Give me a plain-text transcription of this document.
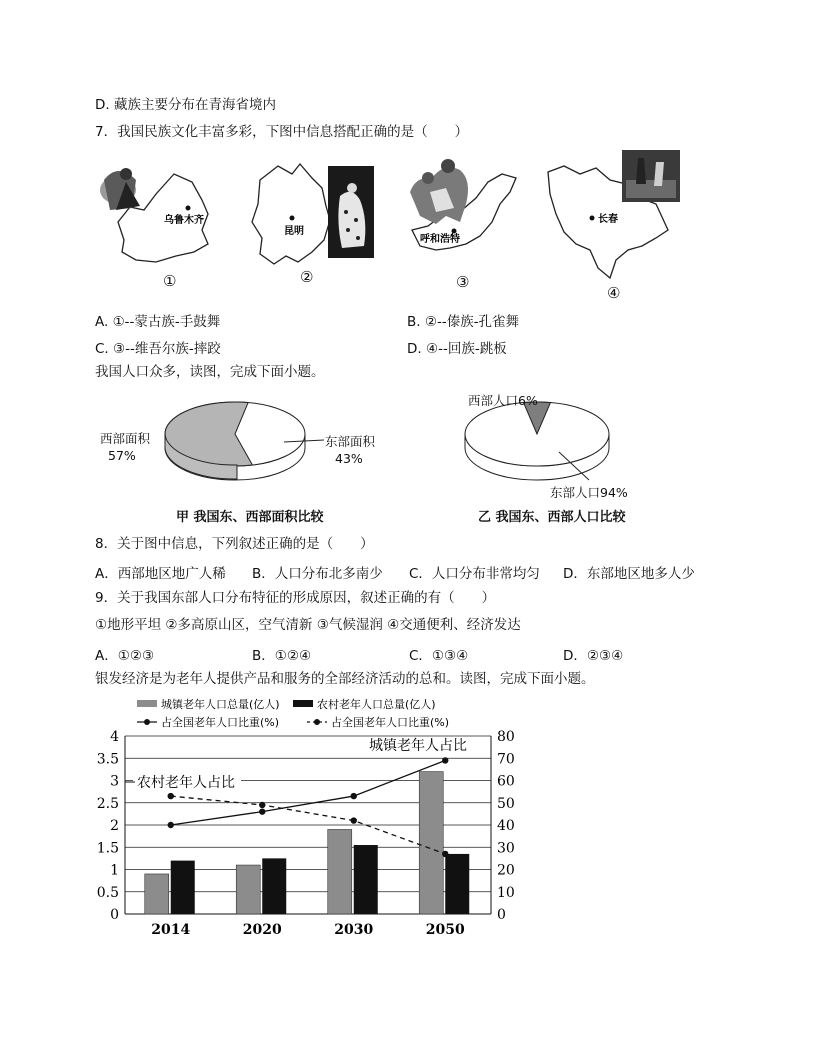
D. 藏族主要分布在青海省境内
7．我国民族文化丰富多彩，下图中信息搭配正确的是（　　）
乌鲁木齐
①
昆明
②
呼和浩特
③
长春
④
A. ①--蒙古族-手鼓舞	B. ②--傣族-孔雀舞
C. ③--维吾尔族-摔跤	D. ④--回族-跳板
我国人口众多，读图，完成下面小题。
西部面积
57%
东部面积
43%
甲 我国东、西部面积比较
西部人口6%
东部人口94%
乙 我国东、西部人口比较
8．关于图中信息，下列叙述正确的是（　　）
A．西部地区地广人稀 B．人口分布北多南少 C．人口分布非常均匀 D．东部地区地多人少
9．关于我国东部人口分布特征的形成原因，叙述正确的有（　　）
①地形平坦 ②多高原山区，空气清新 ③气候湿润 ④交通便利、经济发达
A．①②③	B．①②④	C．①③④	D．②③④
银发经济是为老年人提供产品和服务的全部经济活动的总和。读图，完成下面小题。
城镇老年人口总量(亿人)	农村老年人口总量(亿人)
占全国老年人口比重(%)	占全国老年人口比重(%)
0
0.5
1
1.5
2
2.5
3
3.5
4
0
10
20
30
40
50
60
70
80
2014	2020	2030	2050
城镇老年人占比
农村老年人占比
